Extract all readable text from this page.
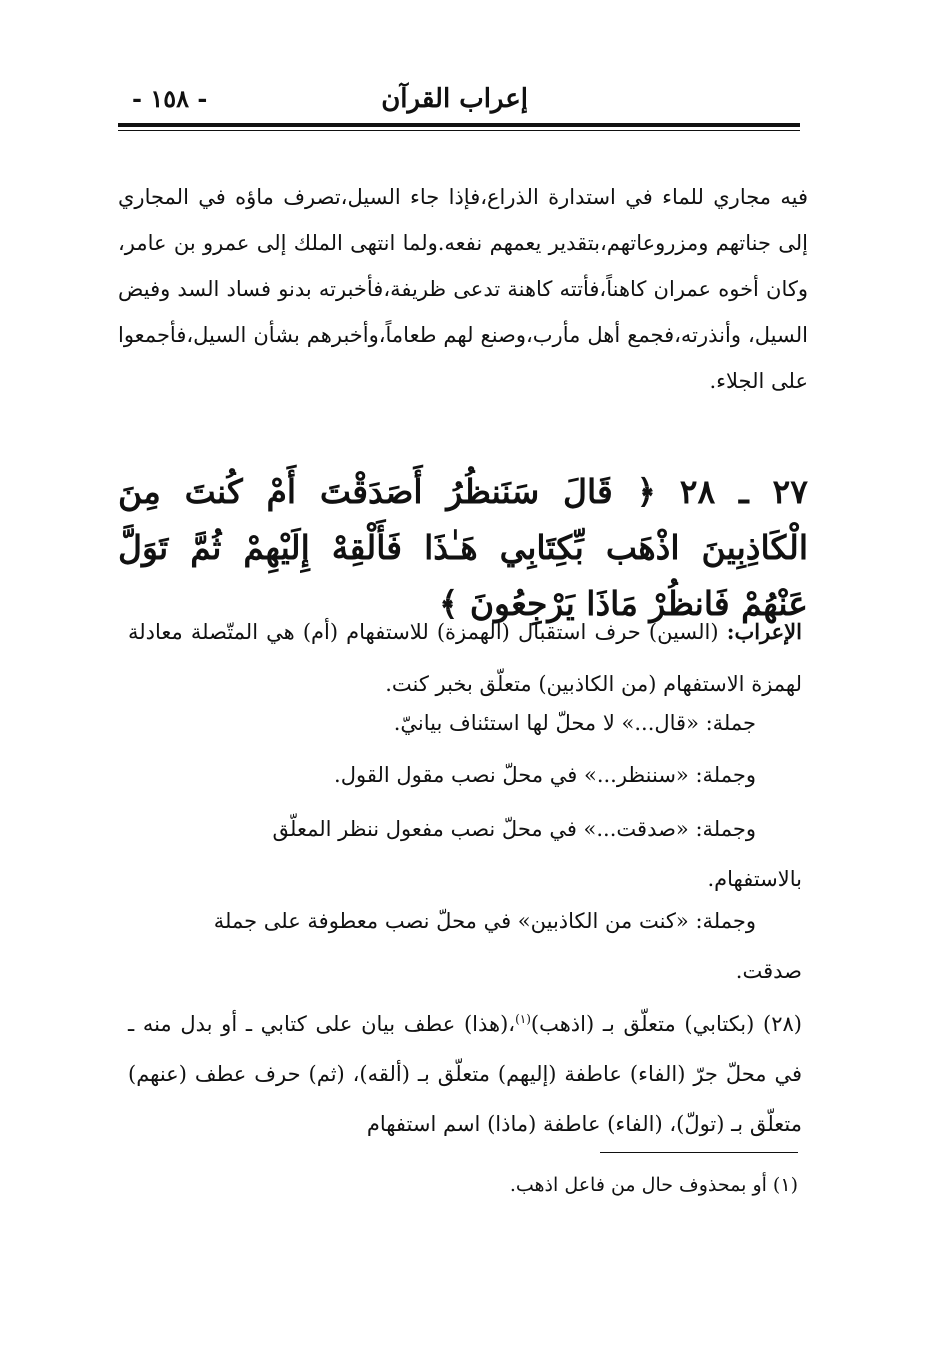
إعراب القرآن
- ١٥٨ -

فيه مجاري للماء في استدارة الذراع،فإذا جاء السيل،تصرف ماؤه في المجاري إلى جناتهم ومزروعاتهم،بتقدير يعمهم نفعه.ولما انتهى الملك إلى عمرو بن عامر، وكان أخوه عمران كاهناً،فأتته كاهنة تدعى ظريفة،فأخبرته بدنو فساد السد وفيض السيل، وأنذرته،فجمع أهل مأرب،وصنع لهم طعاماً،وأخبرهم بشأن السيل،فأجمعوا على الجلاء.

٢٧ ـ ٢٨ ﴿ قَالَ سَنَنظُرُ أَصَدَقْتَ أَمْ كُنتَ مِنَ الْكَاذِبِينَ اذْهَب بِّكِتَابِي هَـٰذَا فَأَلْقِهْ إِلَيْهِمْ ثُمَّ تَوَلَّ عَنْهُمْ فَانظُرْ مَاذَا يَرْجِعُونَ ﴾

الإعراب: (السين) حرف استقبال (الهمزة) للاستفهام (أم) هي المتّصلة معادلة لهمزة الاستفهام (من الكاذبين) متعلّق بخبر كنت.

جملة: «قال...» لا محلّ لها استئناف بيانيّ.
وجملة: «سننظر...» في محلّ نصب مقول القول.
وجملة: «صدقت...» في محلّ نصب مفعول ننظر المعلّق
بالاستفهام.
وجملة: «كنت من الكاذبين» في محلّ نصب معطوفة على جملة
صدقت.

(٢٨) (بكتابي) متعلّق بـ (اذهب)$^{(١)}$،(هذا) عطف بيان على كتابي ـ أو بدل منه ـ في محلّ جرّ (الفاء) عاطفة (إليهم) متعلّق بـ (ألقه)، (ثم) حرف عطف (عنهم) متعلّق بـ (تولّ)، (الفاء) عاطفة (ماذا) اسم استفهام

(١) أو بمحذوف حال من فاعل اذهب.
